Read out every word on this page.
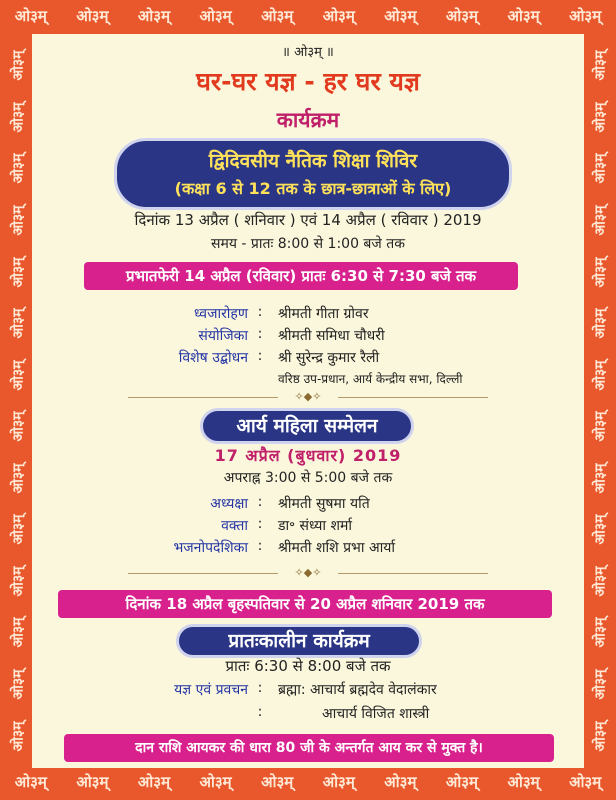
ओ३म् ओ३म् ओ३म् ओ३म् ओ३म् ओ३म् ओ३म् ओ३म् ओ३म् ओ३म्
ओ३म्
ओ३म्
ओ३म्
ओ३म्
ओ३म्
ओ३म्
ओ३म्
ओ३म्
ओ३म्
ओ३म्
ओ३म्
ओ३म्
ओ३म्
ओ३म्
ओ३म्
ओ३म्
ओ३म्
ओ३म्
ओ३म्
ओ३म्
ओ३म्
ओ३म्
ओ३म्
ओ३म्
ओ३म्
ओ३म्
ओ३म्
ओ३म्
ओ३म् ओ३म् ओ३म् ओ३म् ओ३म् ओ३म् ओ३म् ओ३म् ओ३म् ओ३म्
॥ ओ३म् ॥
घर-घर यज्ञ - हर घर यज्ञ
कार्यक्रम
द्विदिवसीय नैतिक शिक्षा शिविर
(कक्षा 6 से 12 तक के छात्र-छात्राओं के लिए)
दिनांक 13 अप्रैल ( शनिवार ) एवं 14 अप्रैल ( रविवार ) 2019
समय - प्रातः 8:00 से 1:00 बजे तक
प्रभातफेरी 14 अप्रैल (रविवार) प्रातः 6:30 से 7:30 बजे तक
ध्वजारोहण : श्रीमती गीता ग्रोवर
संयोजिका : श्रीमती समिधा चौधरी
विशेष उद्बोधन : श्री सुरेन्द्र कुमार रैली
वरिष्ठ उप-प्रधान, आर्य केन्द्रीय सभा, दिल्ली
✧◆✧
आर्य महिला सम्मेलन
17 अप्रैल (बुधवार) 2019
अपराह्न 3:00 से 5:00 बजे तक
अध्यक्षा : श्रीमती सुषमा यति
वक्ता : डा॰ संध्या शर्मा
भजनोपदेशिका : श्रीमती शशि प्रभा आर्या
✧◆✧
दिनांक 18 अप्रैल बृहस्पतिवार से 20 अप्रैल शनिवार 2019 तक
प्रातःकालीन कार्यक्रम
प्रातः 6:30 से 8:00 बजे तक
यज्ञ एवं प्रवचन : ब्रह्मा: आचार्य ब्रह्मदेव वेदालंकार
:	आचार्य विजित शास्त्री
दान राशि आयकर की धारा 80 जी के अन्तर्गत आय कर से मुक्त है।
